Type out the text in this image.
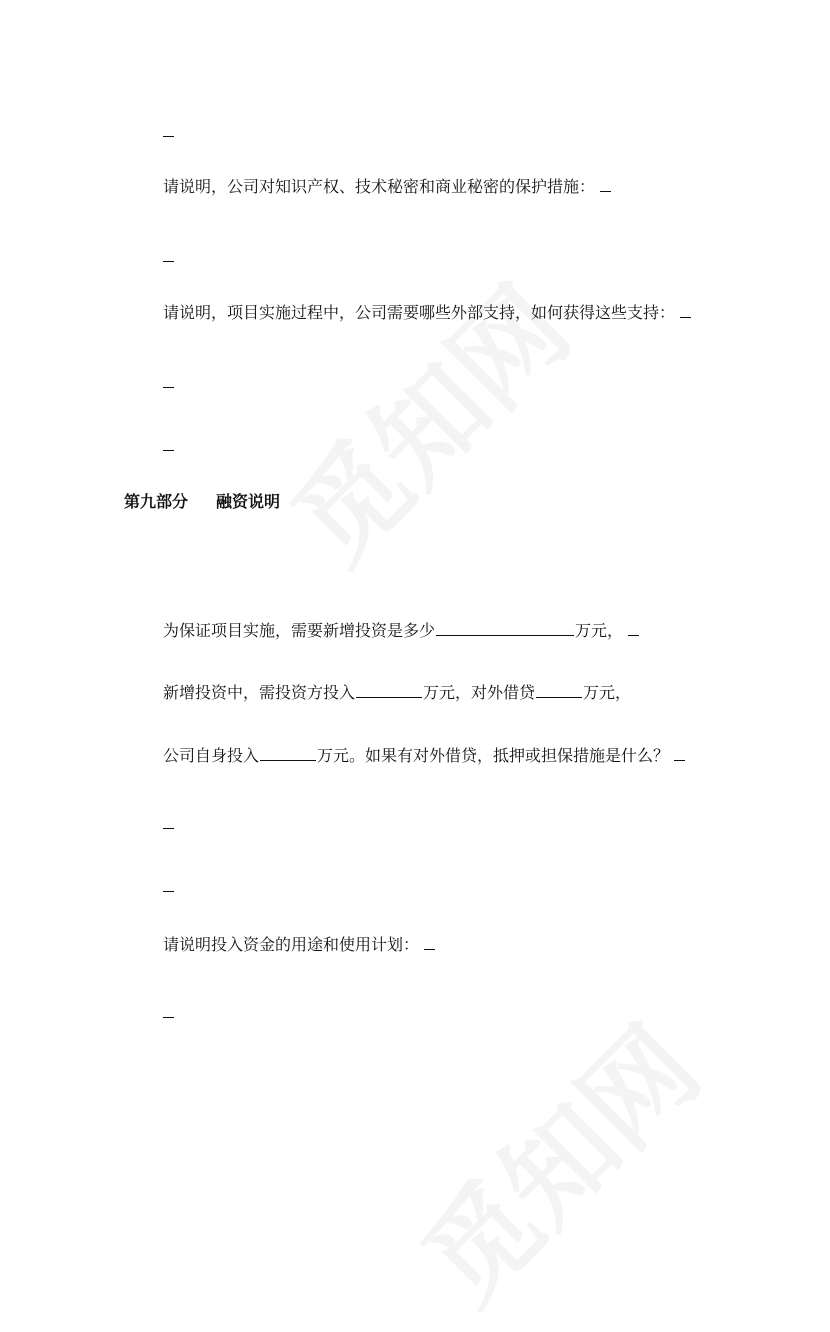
请说明，公司对知识产权、技术秘密和商业秘密的保护措施：
请说明，项目实施过程中，公司需要哪些外部支持，如何获得这些支持：
第九部分 融资说明
为保证项目实施，需要新增投资是多少	万元，
新增投资中，需投资方投入	万元，对外借贷	万元，
公司自身投入	万元。如果有对外借贷，抵押或担保措施是什么？
请说明投入资金的用途和使用计划：
